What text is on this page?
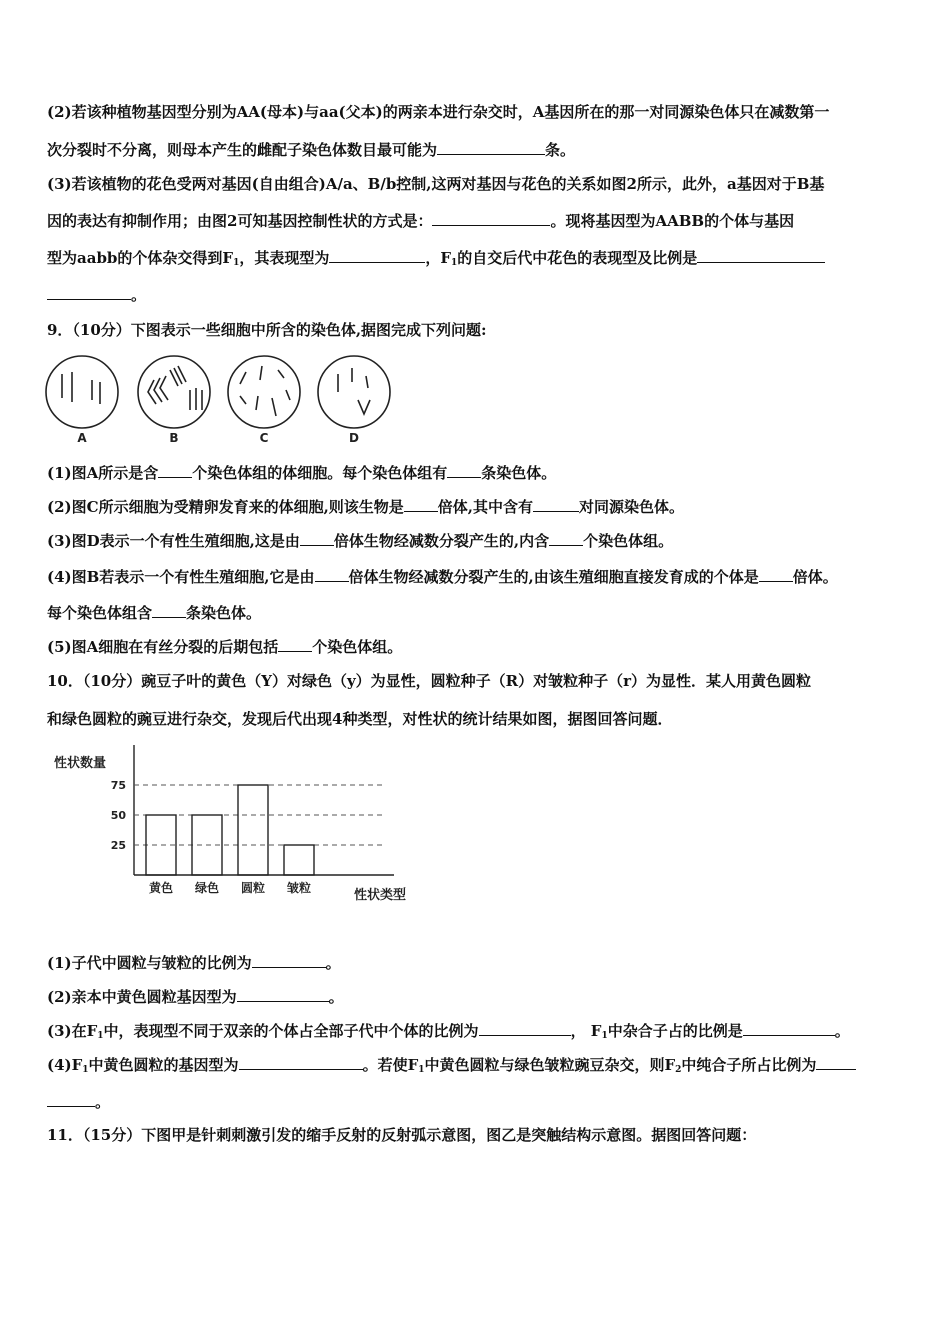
(2)若该种植物基因型分别为AA(母本)与aa(父本)的两亲本进行杂交时，A基因所在的那一对同源染色体只在减数第一
次分裂时不分离，则母本产生的雌配子染色体数目最可能为	条。
(3)若该植物的花色受两对基因(自由组合)A/a、B/b控制,这两对基因与花色的关系如图2所示，此外，a基因对于B基
因的表达有抑制作用；由图2可知基因控制性状的方式是：	。现将基因型为AABB的个体与基因
型为aabb的个体杂交得到$F_1$，其表现型为	，$F_1$的自交后代中花色的表现型及比例是
。
9．（10分）下图表示一些细胞中所含的染色体,据图完成下列问题:
A	B	C	D
(1)图A所示是含 个染色体组的体细胞。每个染色体组有 条染色体。
(2)图C所示细胞为受精卵发育来的体细胞,则该生物是 倍体,其中含有	对同源染色体。
(3)图D表示一个有性生殖细胞,这是由 倍体生物经减数分裂产生的,内含 个染色体组。
(4)图B若表示一个有性生殖细胞,它是由 倍体生物经减数分裂产生的,由该生殖细胞直接发育成的个体是 倍体。
每个染色体组含 条染色体。
(5)图A细胞在有丝分裂的后期包括 个染色体组。
10．（10分）豌豆子叶的黄色（Y）对绿色（y）为显性，圆粒种子（R）对皱粒种子（r）为显性．某人用黄色圆粒
和绿色圆粒的豌豆进行杂交，发现后代出现4种类型，对性状的统计结果如图，据图回答问题．
25
50
75
黄色 绿色 圆粒 皱粒
性状数量
性状类型
(1)子代中圆粒与皱粒的比例为	。
(2)亲本中黄色圆粒基因型为	。
(3)在$F_1$中，表现型不同于双亲的个体占全部子代中个体的比例为	， $F_1$中杂合子占的比例是	。
$(4)F_1$中黄色圆粒的基因型为	。若使$F_1$中黄色圆粒与绿色皱粒豌豆杂交，则$F_2$中纯合子所占比例为
。
11．（15分）下图甲是针刺刺激引发的缩手反射的反射弧示意图，图乙是突触结构示意图。据图回答问题：
